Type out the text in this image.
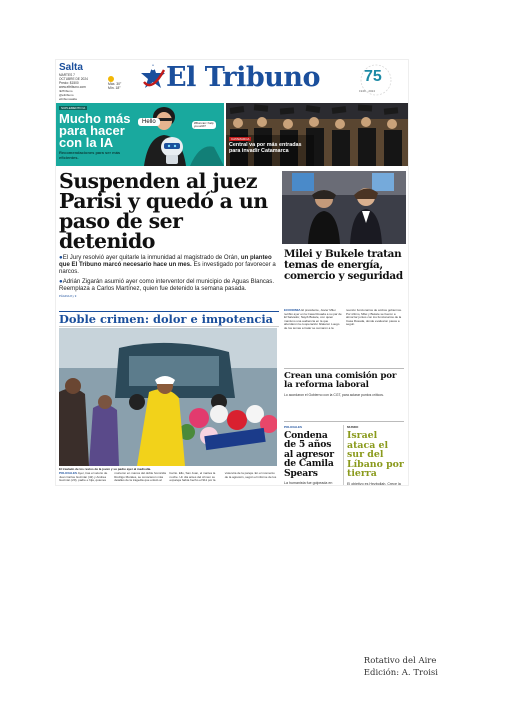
Salta
MARTES 7
OCTUBRE DE 2024
Precio: $1500
www.eltribuno.com
/ElTribuno
@eltribuno
eltribunosalta
Máx. 30°
Mín. 18° El Tribuno	75
1949 - 2024
SUPLEMENTO IA
Mucho más para hacer con la IA
Recomendaciones para ser más eficientes.
Hello	What can I help you with?
CATAMARCA
Central va por más entradas para invadir Catamarca
Suspenden al juez Parisi y quedó a un paso de ser detenido
●El Jury resolvió ayer quitarle la inmunidad al magistrado de Orán, un planteo que El Tribuno marcó necesario hace un mes. Es investigado por favorecer a narcos.
●Adrián Zigarán asumió ayer como interventor del municipio de Aguas Blancas. Reemplaza a Carlos Martínez, quien fue detenido la semana pasada.
PÁGINA 8 y 9
Doble crimen: dolor e impotencia
El traslado de los restos de la joven y su padre ayer al mediodía.
POLICIALES Ayer, tras el velorio de Juan Carlos Guzmán (42) y Andrea Guzmán (20), padre e hija, quienes murieron en manos del doble homicida Rodrigo Morales, se conocieron más detalles de la tragedia que enlutó al barrio. Ello, San Juan, el martes la noche. Un día antes del crimen su expareja había hecho el 911 por la violencia de la pareja. En el momento de la agresión, según el informe de los
Milei y Bukele tratan temas de energía, comercio y seguridad
ECONOMÍA El presidente, Javier Milei recibió ayer en la Casa Rosada a su par de El Salvador, Nayib Bukele, con quien mantuvo una audiencia en la que abordaron la cooperación bilateral. Luego de los temas a tratar se sumaron a la reunión funcionarios de ambos gobiernos. Por último, Milei y Bukele se fueron a almorzar juntos con los funcionarios de la Casa Rosada, donde evaluaron pasos a seguir.
Crean una comisión por la reforma laboral
Lo acordaron el Gobierno con la CGT, para aclarar puntos críticos.
POLICIALES
Condena de 5 años al agresor de Camila Spears
La humanista fue golpeada en
MUNDO
Israel ataca el sur del Líbano por tierra
El objetivo es Hezbollah. Crece la
Rotativo del Aire
Edición: A. Troisi
